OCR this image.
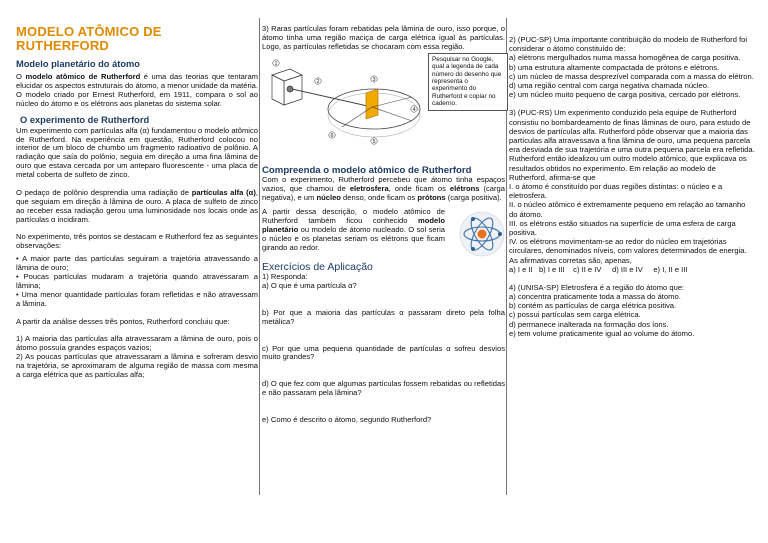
MODELO ATÔMICO DE
RUTHERFORD
Modelo planetário do átomo

O modelo atômico de Rutherford é uma das teorias que tentaram elucidar os aspectos estruturais do átomo, a menor unidade da matéria. O modelo criado por Ernest Rutherford, em 1911, compara o sol ao núcleo do átomo e os elétrons aos planetas do sistema solar.

O experimento de Rutherford

Um experimento com partículas alfa (α) fundamentou o modelo atômico de Rutherford. Na experiência em questão, Rutherford colocou no interior de um bloco de chumbo um fragmento radioativo de polônio. A radiação que saía do polônio, seguia em direção a uma fina lâmina de ouro que estava cercada por um anteparo fluorescente - uma placa de metal coberta de sulfeto de zinco.

O pedaço de polônio desprendia uma radiação de partículas alfa (α), que seguiam em direção à lâmina de ouro. A placa de sulfeto de zinco ao receber essa radiação gerou uma luminosidade nos locais onde as partículas α incidiram.

No experimento, três pontos se destacam e Rutherford fez as seguintes observações:

• A maior parte das partículas seguiram a trajetória atravessando a lâmina de ouro;

• Poucas partículas mudaram a trajetória quando atravessaram a lâmina;

• Uma menor quantidade partículas foram refletidas e não atravessam a lâmina.

A partir da análise desses três pontos, Rutherford concluiu que:

1) A maioria das partículas alfa atravessaram a lâmina de ouro, pois o átomo possuía grandes espaços vazios;

2) As poucas partículas que atravessaram a lâmina e sofreram desvio na trajetória, se aproximaram de alguma região de massa com mesma a carga elétrica que as partículas alfa;

3) Raras partículas foram rebatidas pela lâmina de ouro, isso porque, o átomo tinha uma região maciça de carga elétrica igual às partículas. Logo, as partículas refletidas se chocaram com essa região.

1
2	3
4
5
6
Pesquisar no Google, qual a legenda de cada número do desenho que representa o experimento do Rutherford e copiar no caderno.
Compreenda o modelo atômico de Rutherford

Com o experimento, Rutherford percebeu que átomo tinha espaços vazios, que chamou de eletrosfera, onde ficam os elétrons (carga negativa), e um núcleo denso, onde ficam os prótons (carga positiva).

A partir dessa descrição, o modelo atômico de Rutherford também ficou conhecido modelo planetário ou modelo de átomo nucleado. O sol seria o núcleo e os planetas seriam os elétrons que ficam girando ao redor.

Exercícios de Aplicação

1) Responda:

a) O que é uma partícula α?

b) Por que a maioria das partículas α passaram direto pela folha metálica?

c) Por que uma pequena quantidade de partículas α sofreu desvios muito grandes?

d) O que fez com que algumas partículas fossem rebatidas ou refletidas e não passaram pela lâmina?

e) Como é descrito o átomo, segundo Rutherford?

2) (PUC-SP) Uma importante contribuição do modelo de Rutherford foi considerar o átomo constituído de:

a) elétrons mergulhados numa massa homogênea de carga positiva.

b) uma estrutura altamente compactada de prótons e elétrons.

c) um núcleo de massa desprezível comparada com a massa do elétron.

d) uma região central com carga negativa chamada núcleo.

e) um núcleo muito pequeno de carga positiva, cercado por elétrons.

3) (PUC-RS) Um experimento conduzido pela equipe de Rutherford consistiu no bombardeamento de finas lâminas de ouro, para estudo de desvios de partículas alfa. Rutherford pôde observar que a maioria das partículas alfa atravessava a fina lâmina de ouro, uma pequena parcela era desviada de sua trajetória e uma outra pequena parcela era refletida. Rutherford então idealizou um outro modelo atômico, que explicava os resultados obtidos no experimento. Em relação ao modelo de Rutherford, afirma-se que

I. o átomo é constituído por duas regiões distintas: o núcleo e a eletrosfera.

II. o núcleo atômico é extremamente pequeno em relação ao tamanho do átomo.

III. os elétrons estão situados na superfície de uma esfera de carga positiva.

IV. os elétrons movimentam-se ao redor do núcleo em trajetórias circulares, denominados níveis, com valores determinados de energia.

As afirmativas corretas são, apenas,

a) I e II   b) I e III    c) II e IV     d) III e IV     e) I, II e III

4) (UNISA-SP) Eletrosfera é a região do átomo que:

a) concentra praticamente toda a massa do átomo.

b) contém as partículas de carga elétrica positiva.

c) possui partículas sem carga elétrica.

d) permanece inalterada na formação dos íons.

e) tem volume praticamente igual ao volume do átomo.
